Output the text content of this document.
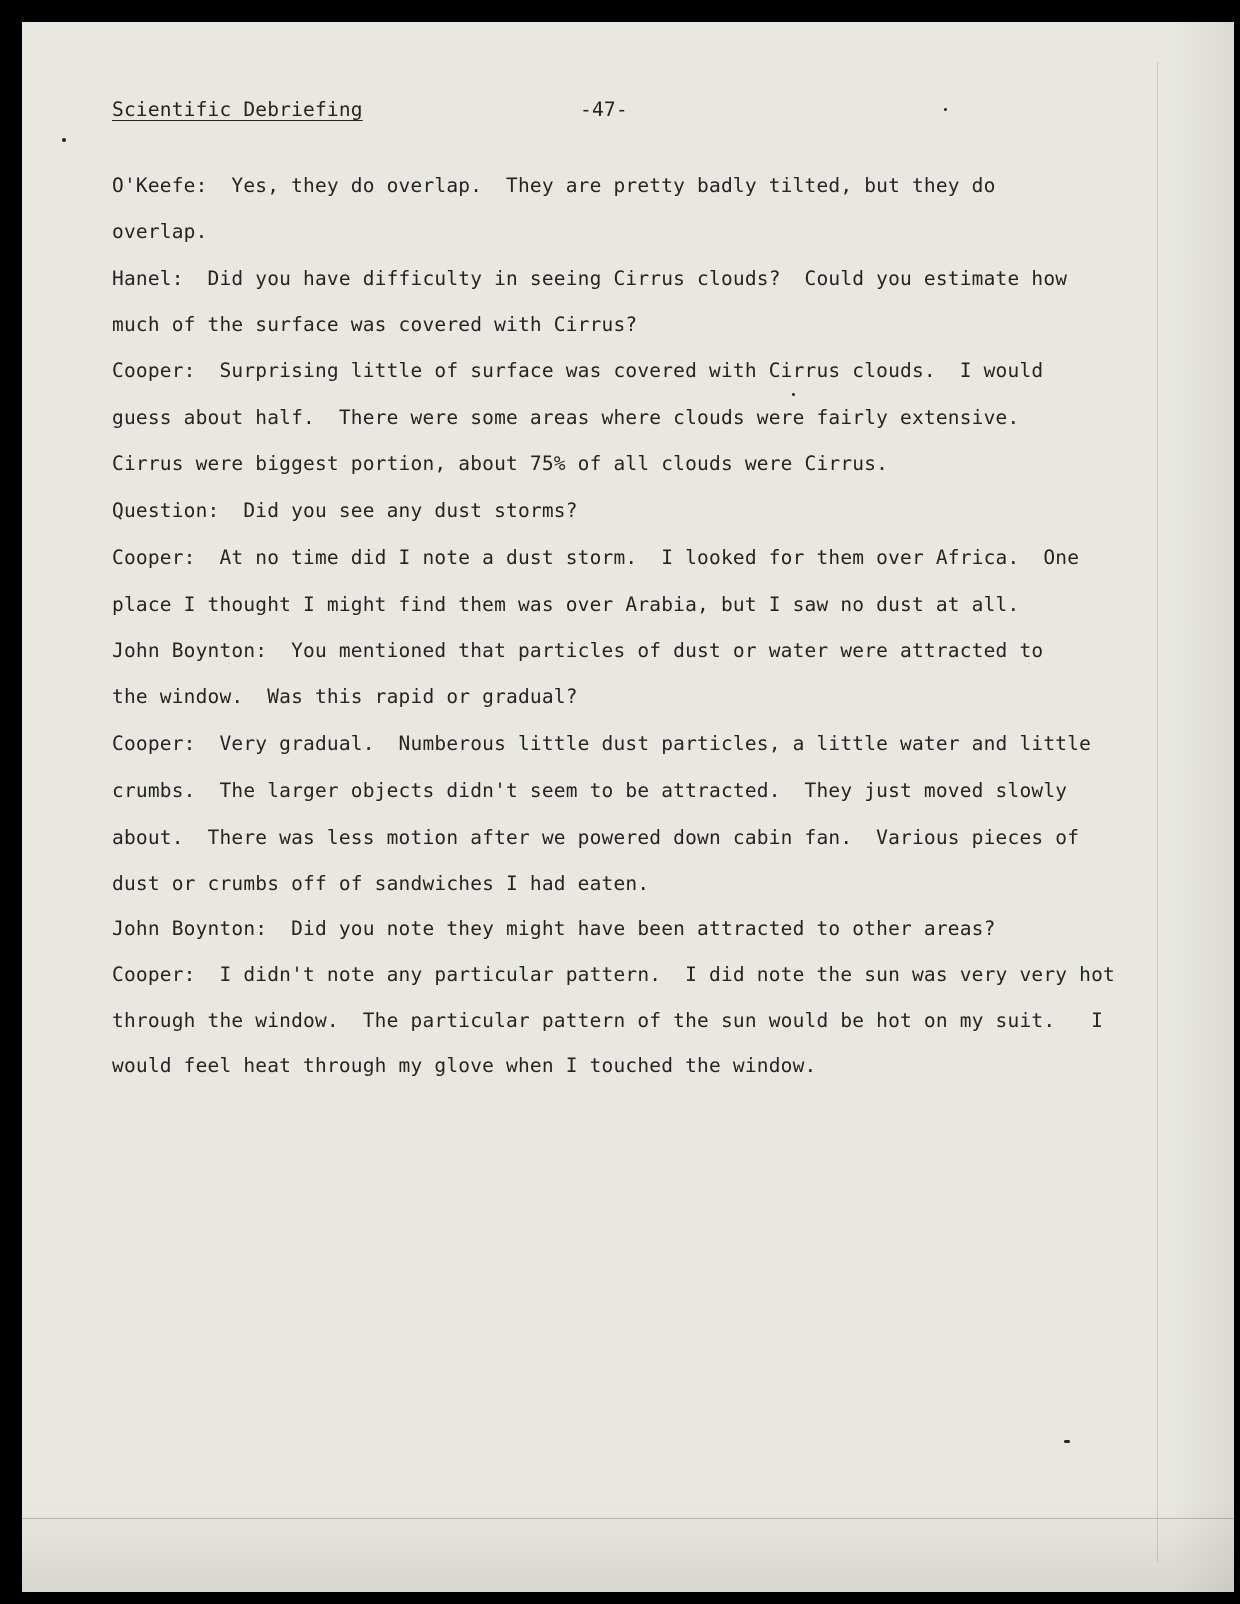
Scientific Debriefing	-47-
O'Keefe:  Yes, they do overlap.  They are pretty badly tilted, but they do
overlap.
Hanel:  Did you have difficulty in seeing Cirrus clouds?  Could you estimate how
much of the surface was covered with Cirrus?
Cooper:  Surprising little of surface was covered with Cirrus clouds.  I would
guess about half.  There were some areas where clouds were fairly extensive.
Cirrus were biggest portion, about 75% of all clouds were Cirrus.
Question:  Did you see any dust storms?
Cooper:  At no time did I note a dust storm.  I looked for them over Africa.  One
place I thought I might find them was over Arabia, but I saw no dust at all.
John Boynton:  You mentioned that particles of dust or water were attracted to
the window.  Was this rapid or gradual?
Cooper:  Very gradual.  Numberous little dust particles, a little water and little
crumbs.  The larger objects didn't seem to be attracted.  They just moved slowly
about.  There was less motion after we powered down cabin fan.  Various pieces of
dust or crumbs off of sandwiches I had eaten.
John Boynton:  Did you note they might have been attracted to other areas?
Cooper:  I didn't note any particular pattern.  I did note the sun was very very hot
through the window.  The particular pattern of the sun would be hot on my suit.   I
would feel heat through my glove when I touched the window.
